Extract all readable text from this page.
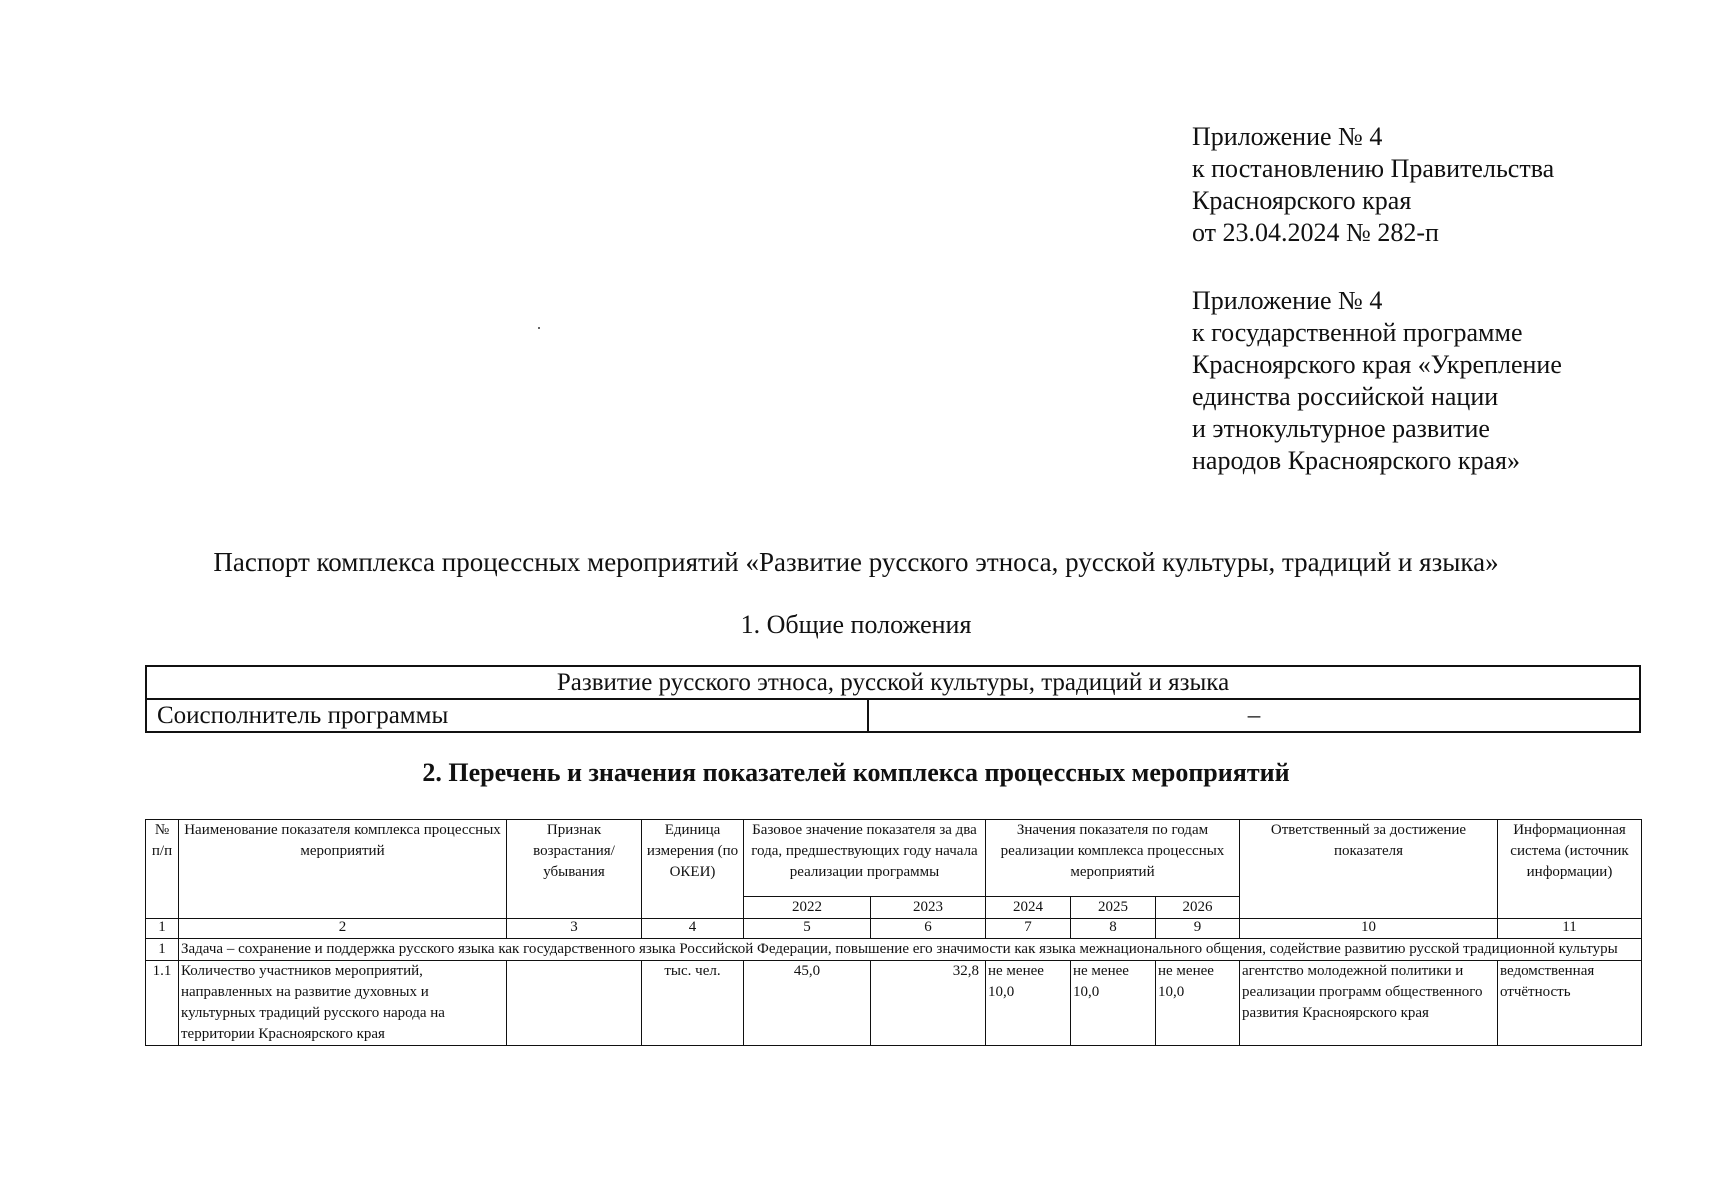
Приложение № 4
к постановлению Правительства
Красноярского края
от 23.04.2024 № 282-п
Приложение № 4
к государственной программе
Красноярского края «Укрепление
единства российской нации
и этнокультурное развитие
народов Красноярского края»
Паспорт комплекса процессных мероприятий «Развитие русского этноса, русской культуры, традиций и языка»
1. Общие положения
Развитие русского этноса, русской культуры, традиций и языка
Соисполнитель программы	–
2. Перечень и значения показателей комплекса процессных мероприятий
№ п/п	Наименование показателя комплекса процессных мероприятий	Признак возрастания/ убывания	Единица измерения (по ОКЕИ)	Базовое значение показателя за два года, предшествующих году начала реализации программы		Значения показателя по годам реализации комплекса процессных мероприятий			Ответственный за достижение показателя	Информационная система (источник информации)
				2022	2023	2024	2025	2026		
1	2	3	4	5	6	7	8	9	10	11
1	Задача – сохранение и поддержка русского языка как государственного языка Российской Федерации, повышение его значимости как языка межнационального общения, содействие развитию русской традиционной культуры									
1.1	Количество участников мероприятий, направленных на развитие духовных и культурных традиций русского народа на территории Красноярского края		тыс. чел.	45,0	32,8	не менее 10,0	не менее 10,0	не менее 10,0	агентство молодежной политики и реализации программ общественного развития Красноярского края	ведомственная отчётность
